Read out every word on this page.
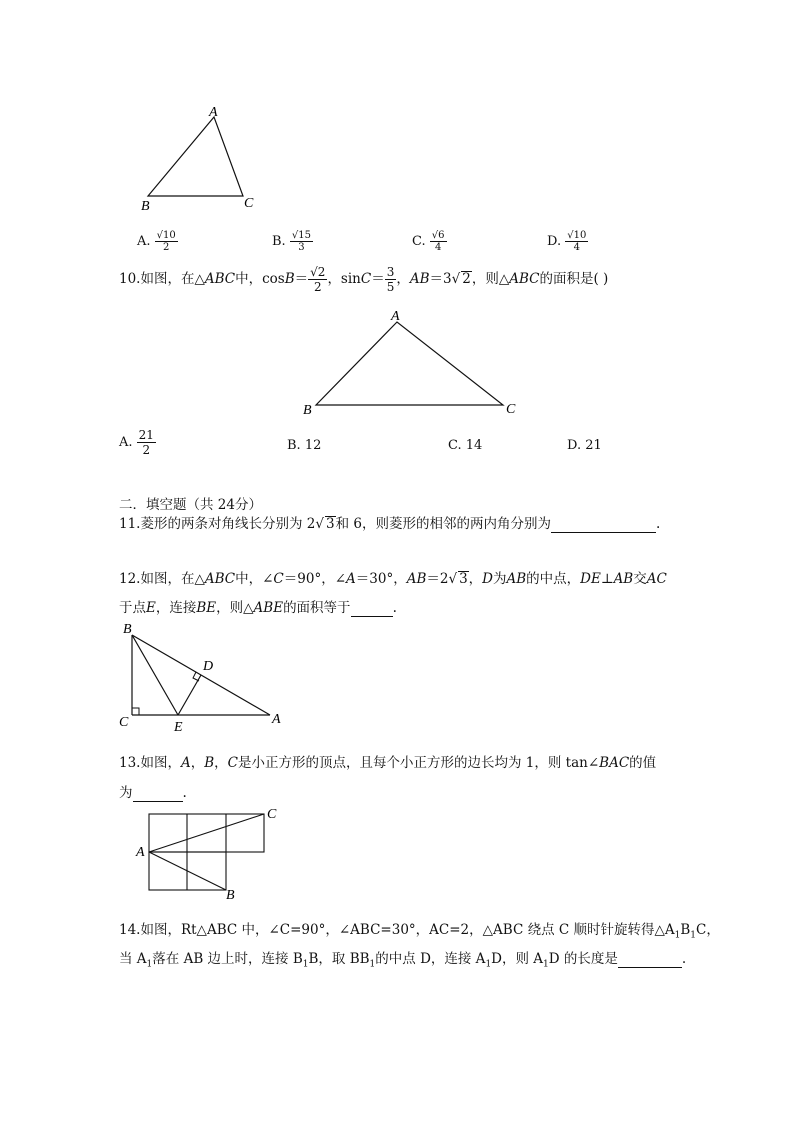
A
B	C
A. $\frac{√10}{2}$	B. $\frac{√15}{3}$	C. $\frac{√6}{4}$	D. $\frac{√10}{4}$
10.如图，在△ABC中，$\cos B= \frac{√2}{2}$ ，$\sin C= \frac{3}{5}$ ，AB＝3√ 2，则△ABC的面积是( )
A
B	C
A. $\frac{21}{2}$	B. 12	C. 14	D. 21
二．填空题（共 24分）
11.菱形的两条对角线长分别为 2√ 3和 6，则菱形的相邻的两内角分别为	.
12.如图，在△ABC中，∠C＝90°，∠A＝30°，AB＝2√ 3，D为AB的中点，DE⊥AB交AC
于点E，连接BE，则△ABE的面积等于	.
B
D
C	E
A
13.如图，A，B，C是小正方形的顶点，且每个小正方形的边长均为 1，则 tan∠BAC的值
为	.
A
B
C
14.如图，Rt△ABC 中，∠C=90°，∠ABC=30°，AC=2，△ABC 绕点 C 顺时针旋转得$\triangle A_1B_1C$，
当 $A_1$落在 AB 边上时，连接 $B_1B$，取 $BB_1$的中点 D，连接 $A_1D$，则 $A_1D$ 的长度是	.
